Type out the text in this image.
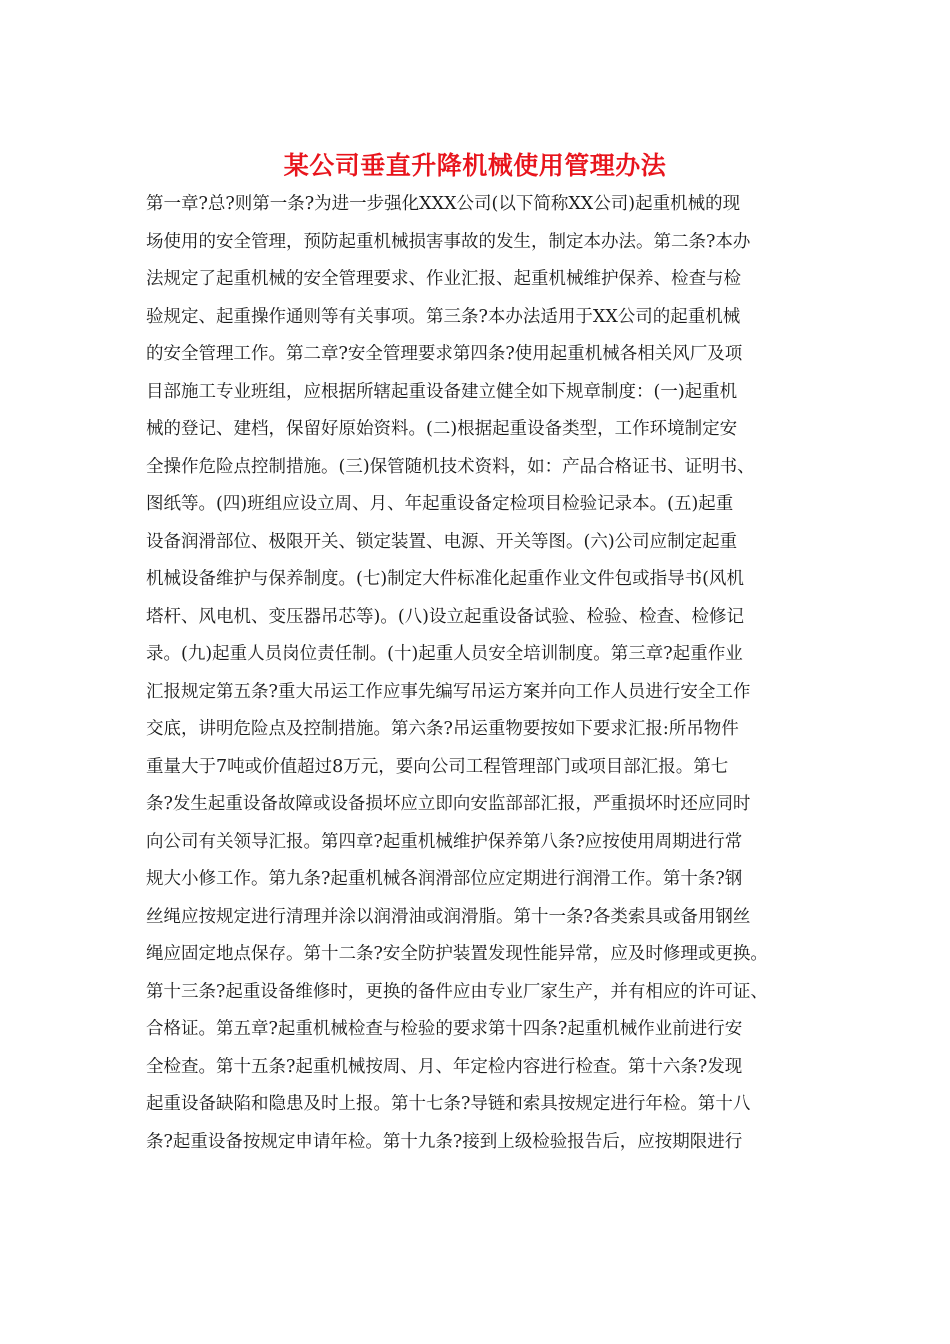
某公司垂直升降机械使用管理办法
第一章?总?则第一条?为进一步强化XXX公司(以下简称XX公司)起重机械的现
场使用的安全管理，预防起重机械损害事故的发生，制定本办法。第二条?本办
法规定了起重机械的安全管理要求、作业汇报、起重机械维护保养、检查与检
验规定、起重操作通则等有关事项。第三条?本办法适用于XX公司的起重机械
的安全管理工作。第二章?安全管理要求第四条?使用起重机械各相关风厂及项
目部施工专业班组，应根据所辖起重设备建立健全如下规章制度：(一)起重机
械的登记、建档，保留好原始资料。(二)根据起重设备类型，工作环境制定安
全操作危险点控制措施。(三)保管随机技术资料，如：产品合格证书、证明书、
图纸等。(四)班组应设立周、月、年起重设备定检项目检验记录本。(五)起重
设备润滑部位、极限开关、锁定装置、电源、开关等图。(六)公司应制定起重
机械设备维护与保养制度。(七)制定大件标准化起重作业文件包或指导书(风机
塔杆、风电机、变压器吊芯等)。(八)设立起重设备试验、检验、检查、检修记
录。(九)起重人员岗位责任制。(十)起重人员安全培训制度。第三章?起重作业
汇报规定第五条?重大吊运工作应事先编写吊运方案并向工作人员进行安全工作
交底，讲明危险点及控制措施。第六条?吊运重物要按如下要求汇报:所吊物件
重量大于7吨或价值超过8万元，要向公司工程管理部门或项目部汇报。第七
条?发生起重设备故障或设备损坏应立即向安监部部汇报，严重损坏时还应同时
向公司有关领导汇报。第四章?起重机械维护保养第八条?应按使用周期进行常
规大小修工作。第九条?起重机械各润滑部位应定期进行润滑工作。第十条?钢
丝绳应按规定进行清理并涂以润滑油或润滑脂。第十一条?各类索具或备用钢丝
绳应固定地点保存。第十二条?安全防护装置发现性能异常，应及时修理或更换。
第十三条?起重设备维修时，更换的备件应由专业厂家生产，并有相应的许可证、
合格证。第五章?起重机械检查与检验的要求第十四条?起重机械作业前进行安
全检查。第十五条?起重机械按周、月、年定检内容进行检查。第十六条?发现
起重设备缺陷和隐患及时上报。第十七条?导链和索具按规定进行年检。第十八
条?起重设备按规定申请年检。第十九条?接到上级检验报告后，应按期限进行
